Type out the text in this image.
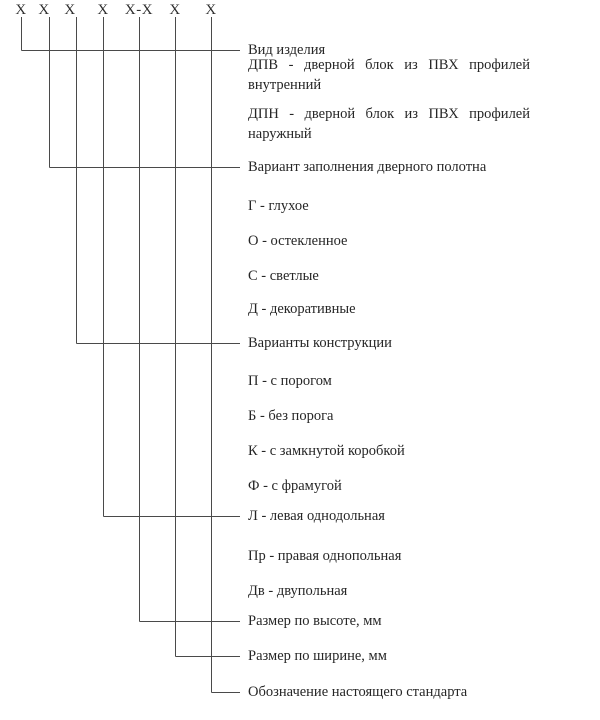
X X X X X-X X X
Вид изделия
ДПВ - дверной блок из ПВХ профилей внутренний
ДПН - дверной блок из ПВХ профилей наружный
Вариант заполнения дверного полотна
Г - глухое
О - остекленное
С - светлые
Д - декоративные
Варианты конструкции
П - с порогом
Б - без порога
К - с замкнутой коробкой
Ф - с фрамугой
Л - левая однодольная
Пр - правая однопольная
Дв - двупольная
Размер по высоте, мм
Размер по ширине, мм
Обозначение настоящего стандарта
